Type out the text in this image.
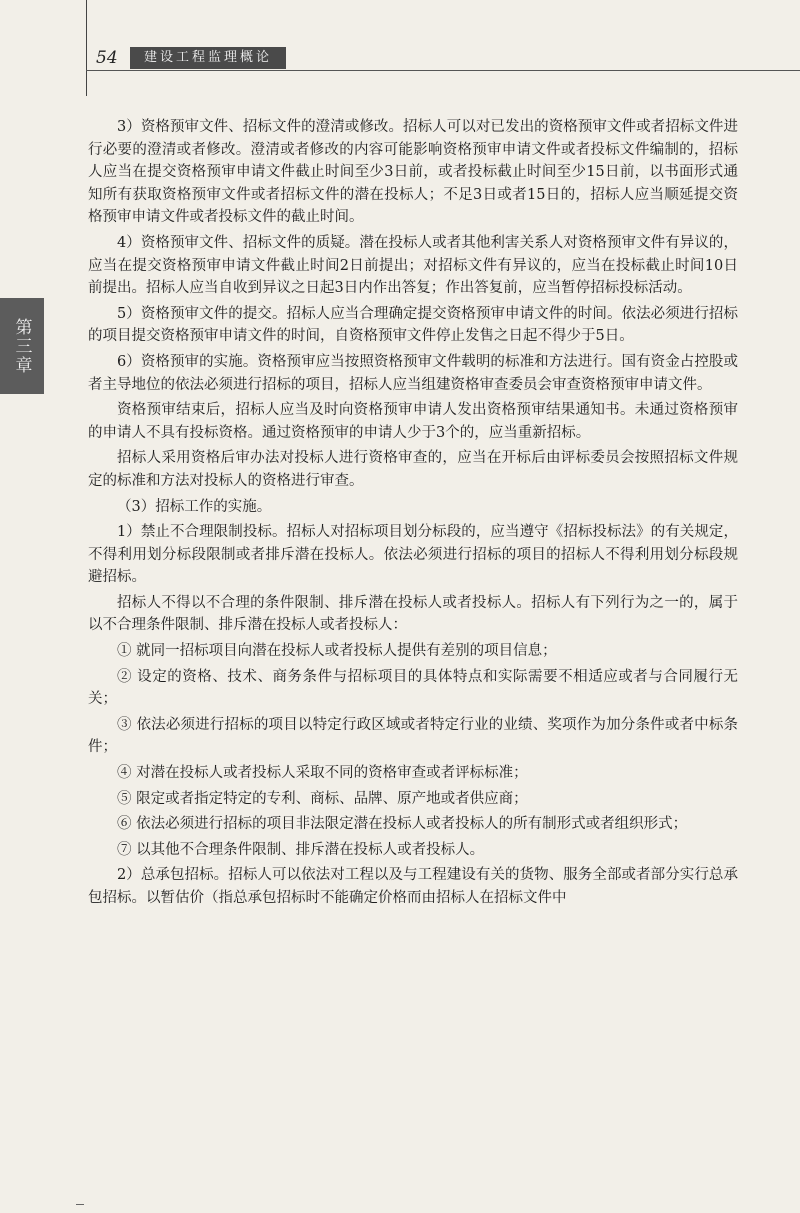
54	建设工程监理概论
第三章

3）资格预审文件、招标文件的澄清或修改。招标人可以对已发出的资格预审文件或者招标文件进行必要的澄清或者修改。澄清或者修改的内容可能影响资格预审申请文件或者投标文件编制的，招标人应当在提交资格预审申请文件截止时间至少3日前，或者投标截止时间至少15日前，以书面形式通知所有获取资格预审文件或者招标文件的潜在投标人；不足3日或者15日的，招标人应当顺延提交资格预审申请文件或者投标文件的截止时间。

4）资格预审文件、招标文件的质疑。潜在投标人或者其他利害关系人对资格预审文件有异议的，应当在提交资格预审申请文件截止时间2日前提出；对招标文件有异议的，应当在投标截止时间10日前提出。招标人应当自收到异议之日起3日内作出答复；作出答复前，应当暂停招标投标活动。

5）资格预审文件的提交。招标人应当合理确定提交资格预审申请文件的时间。依法必须进行招标的项目提交资格预审申请文件的时间，自资格预审文件停止发售之日起不得少于5日。

6）资格预审的实施。资格预审应当按照资格预审文件载明的标准和方法进行。国有资金占控股或者主导地位的依法必须进行招标的项目，招标人应当组建资格审查委员会审查资格预审申请文件。

资格预审结束后，招标人应当及时向资格预审申请人发出资格预审结果通知书。未通过资格预审的申请人不具有投标资格。通过资格预审的申请人少于3个的，应当重新招标。

招标人采用资格后审办法对投标人进行资格审查的，应当在开标后由评标委员会按照招标文件规定的标准和方法对投标人的资格进行审查。

（3）招标工作的实施。

1）禁止不合理限制投标。招标人对招标项目划分标段的，应当遵守《招标投标法》的有关规定，不得利用划分标段限制或者排斥潜在投标人。依法必须进行招标的项目的招标人不得利用划分标段规避招标。

招标人不得以不合理的条件限制、排斥潜在投标人或者投标人。招标人有下列行为之一的，属于以不合理条件限制、排斥潜在投标人或者投标人：

① 就同一招标项目向潜在投标人或者投标人提供有差别的项目信息；

② 设定的资格、技术、商务条件与招标项目的具体特点和实际需要不相适应或者与合同履行无关；

③ 依法必须进行招标的项目以特定行政区域或者特定行业的业绩、奖项作为加分条件或者中标条件；

④ 对潜在投标人或者投标人采取不同的资格审查或者评标标准；

⑤ 限定或者指定特定的专利、商标、品牌、原产地或者供应商；

⑥ 依法必须进行招标的项目非法限定潜在投标人或者投标人的所有制形式或者组织形式；

⑦ 以其他不合理条件限制、排斥潜在投标人或者投标人。

2）总承包招标。招标人可以依法对工程以及与工程建设有关的货物、服务全部或者部分实行总承包招标。以暂估价（指总承包招标时不能确定价格而由招标人在招标文件中
